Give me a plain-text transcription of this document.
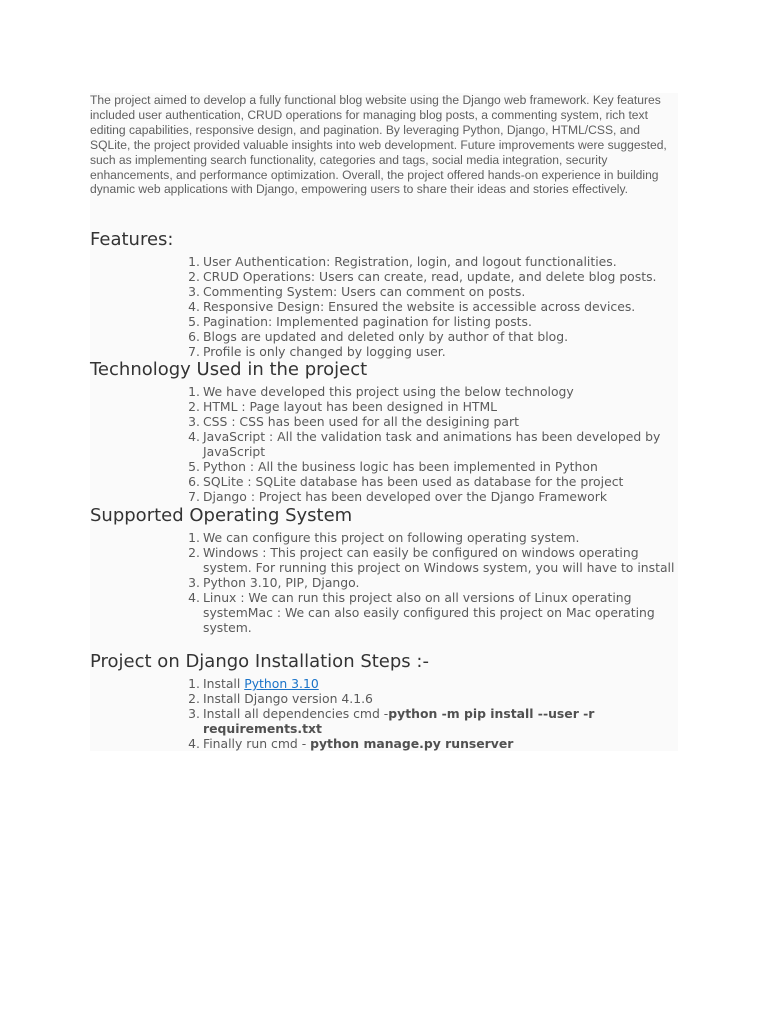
The project aimed to develop a fully functional blog website using the Django web framework. Key features included user authentication, CRUD operations for managing blog posts, a commenting system, rich text editing capabilities, responsive design, and pagination. By leveraging Python, Django, HTML/CSS, and SQLite, the project provided valuable insights into web development. Future improvements were suggested, such as implementing search functionality, categories and tags, social media integration, security enhancements, and performance optimization. Overall, the project offered hands-on experience in building dynamic web applications with Django, empowering users to share their ideas and stories effectively.

Features:
1. User Authentication: Registration, login, and logout functionalities.
2. CRUD Operations: Users can create, read, update, and delete blog posts.
3. Commenting System: Users can comment on posts.
4. Responsive Design: Ensured the website is accessible across devices.
5. Pagination: Implemented pagination for listing posts.
6. Blogs are updated and deleted only by author of that blog.
7. Profile is only changed by logging user.
Technology Used in the project
1. We have developed this project using the below technology
2. HTML : Page layout has been designed in HTML
3. CSS : CSS has been used for all the desigining part
4. JavaScript : All the validation task and animations has been developed by JavaScript
5. Python : All the business logic has been implemented in Python
6. SQLite : SQLite database has been used as database for the project
7. Django : Project has been developed over the Django Framework
Supported Operating System
1. We can configure this project on following operating system.
2. Windows : This project can easily be configured on windows operating system. For running this project on Windows system, you will have to install
3. Python 3.10, PIP, Django.
4. Linux : We can run this project also on all versions of Linux operating systemMac : We can also easily configured this project on Mac operating system.
Project on Django Installation Steps :-
1. Install Python 3.10
2. Install Django version 4.1.6
3. Install all dependencies cmd -python -m pip install --user -r requirements.txt
4. Finally run cmd - python manage.py runserver
